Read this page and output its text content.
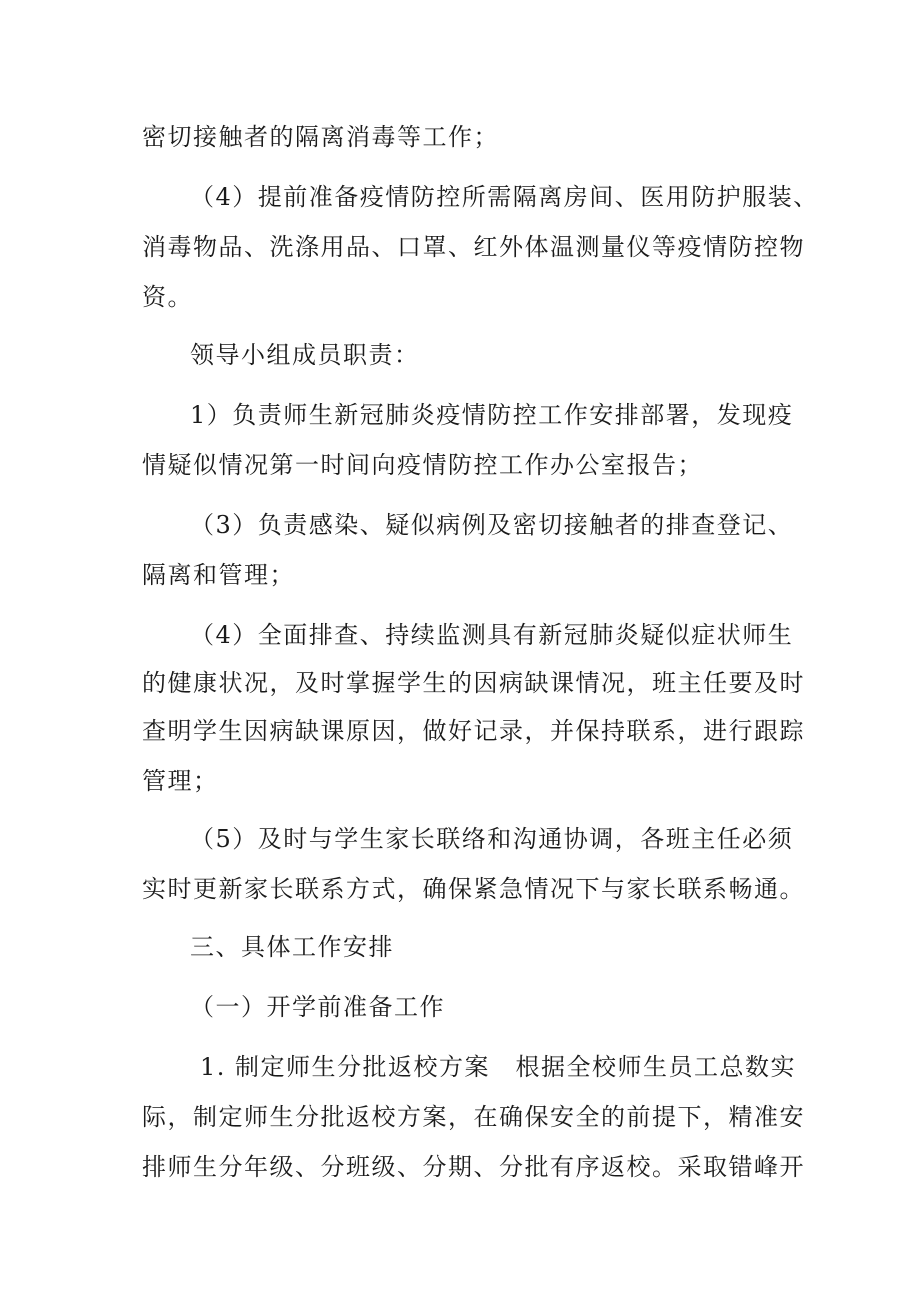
密切接触者的隔离消毒等工作；
（4）提前准备疫情防控所需隔离房间、医用防护服装、
消毒物品、洗涤用品、口罩、红外体温测量仪等疫情防控物
资。
领导小组成员职责：
1）负责师生新冠肺炎疫情防控工作安排部署，发现疫
情疑似情况第一时间向疫情防控工作办公室报告；
（3）负责感染、疑似病例及密切接触者的排查登记、
隔离和管理；
（4）全面排查、持续监测具有新冠肺炎疑似症状师生
的健康状况，及时掌握学生的因病缺课情况，班主任要及时
查明学生因病缺课原因，做好记录，并保持联系，进行跟踪
管理；
（5）及时与学生家长联络和沟通协调，各班主任必须
实时更新家长联系方式，确保紧急情况下与家长联系畅通。
三、具体工作安排
（一）开学前准备工作
1. 制定师生分批返校方案　根据全校师生员工总数实
际，制定师生分批返校方案，在确保安全的前提下，精准安
排师生分年级、分班级、分期、分批有序返校。采取错峰开
